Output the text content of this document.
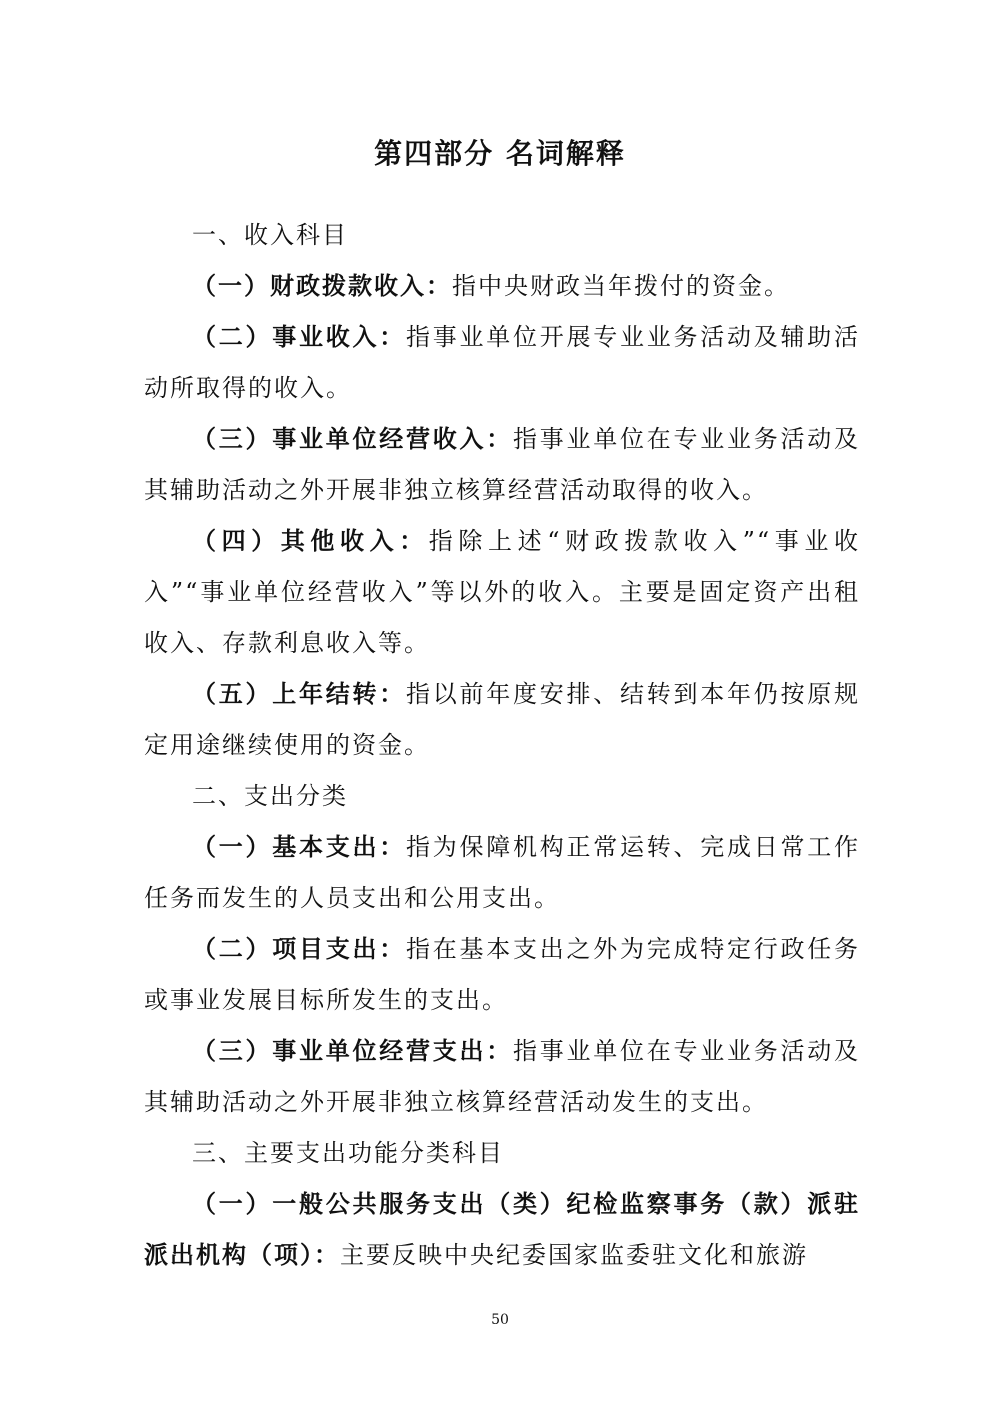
第四部分 名词解释

一、收入科目

（一）财政拨款收入：指中央财政当年拨付的资金。

（二）事业收入：指事业单位开展专业业务活动及辅助活动所取得的收入。

（三）事业单位经营收入：指事业单位在专业业务活动及其辅助活动之外开展非独立核算经营活动取得的收入。

（四）其他收入：指除上述“财政拨款收入”“事业收入”“事业单位经营收入”等以外的收入。主要是固定资产出租收入、存款利息收入等。

（五）上年结转：指以前年度安排、结转到本年仍按原规定用途继续使用的资金。

二、支出分类

（一）基本支出：指为保障机构正常运转、完成日常工作任务而发生的人员支出和公用支出。

（二）项目支出：指在基本支出之外为完成特定行政任务或事业发展目标所发生的支出。

（三）事业单位经营支出：指事业单位在专业业务活动及其辅助活动之外开展非独立核算经营活动发生的支出。

三、主要支出功能分类科目

（一）一般公共服务支出（类）纪检监察事务（款）派驻派出机构（项）：主要反映中央纪委国家监委驻文化和旅游

50
